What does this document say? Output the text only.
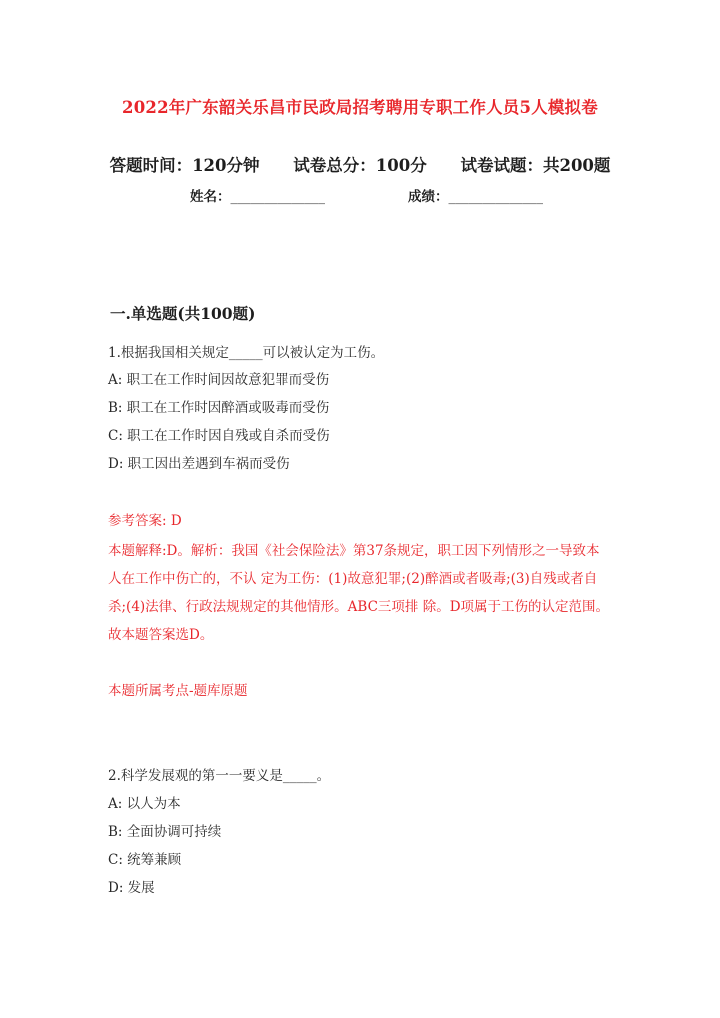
2022年广东韶关乐昌市民政局招考聘用专职工作人员5人模拟卷
答题时间：120分钟 试卷总分：100分 试卷试题：共200题
姓名：______________	成绩：______________
一.单选题(共100题)
1.根据我国相关规定_____可以被认定为工伤。
A: 职工在工作时间因故意犯罪而受伤
B: 职工在工作时因醉酒或吸毒而受伤
C: 职工在工作时因自残或自杀而受伤
D: 职工因出差遇到车祸而受伤
参考答案: D
本题解释:D。解析：我国《社会保险法》第37条规定，职工因下列情形之一导致本人在工作中伤亡的，不认 定为工伤：(1)故意犯罪;(2)醉酒或者吸毒;(3)自残或者自杀;(4)法律、行政法规规定的其他情形。ABC三项排 除。D项属于工伤的认定范围。故本题答案选D。
本题所属考点-题库原题
2.科学发展观的第一一要义是_____。
A: 以人为本
B: 全面协调可持续
C: 统筹兼顾
D: 发展
